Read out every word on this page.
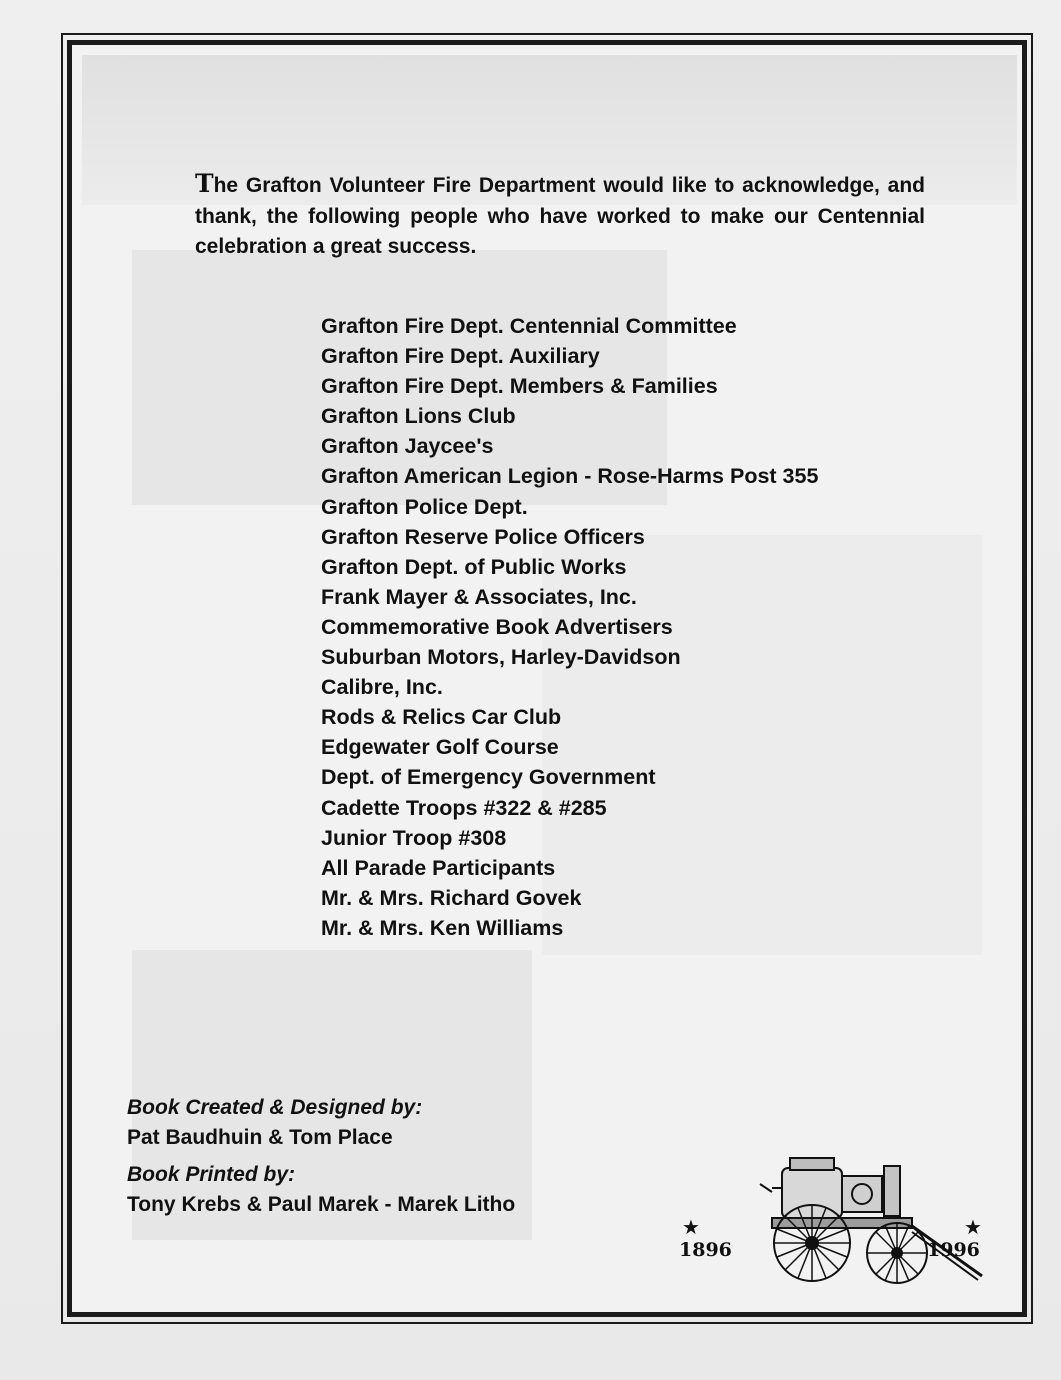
The Grafton Volunteer Fire Department would like to acknowledge, and thank, the following people who have worked to make our Centennial celebration a great success.

Grafton Fire Dept. Centennial Committee
Grafton Fire Dept. Auxiliary
Grafton Fire Dept. Members & Families
Grafton Lions Club
Grafton Jaycee's
Grafton American Legion - Rose-Harms Post 355
Grafton Police Dept.
Grafton Reserve Police Officers
Grafton Dept. of Public Works
Frank Mayer & Associates, Inc.
Commemorative Book Advertisers
Suburban Motors, Harley-Davidson
Calibre, Inc.
Rods & Relics Car Club
Edgewater Golf Course
Dept. of Emergency Government
Cadette Troops #322 & #285
Junior Troop #308
All Parade Participants
Mr. & Mrs. Richard Govek
Mr. & Mrs. Ken Williams
Book Created & Designed by:
Pat Baudhuin & Tom Place
Book Printed by:
Tony Krebs & Paul Marek - Marek Litho
★	★
1896	1996
